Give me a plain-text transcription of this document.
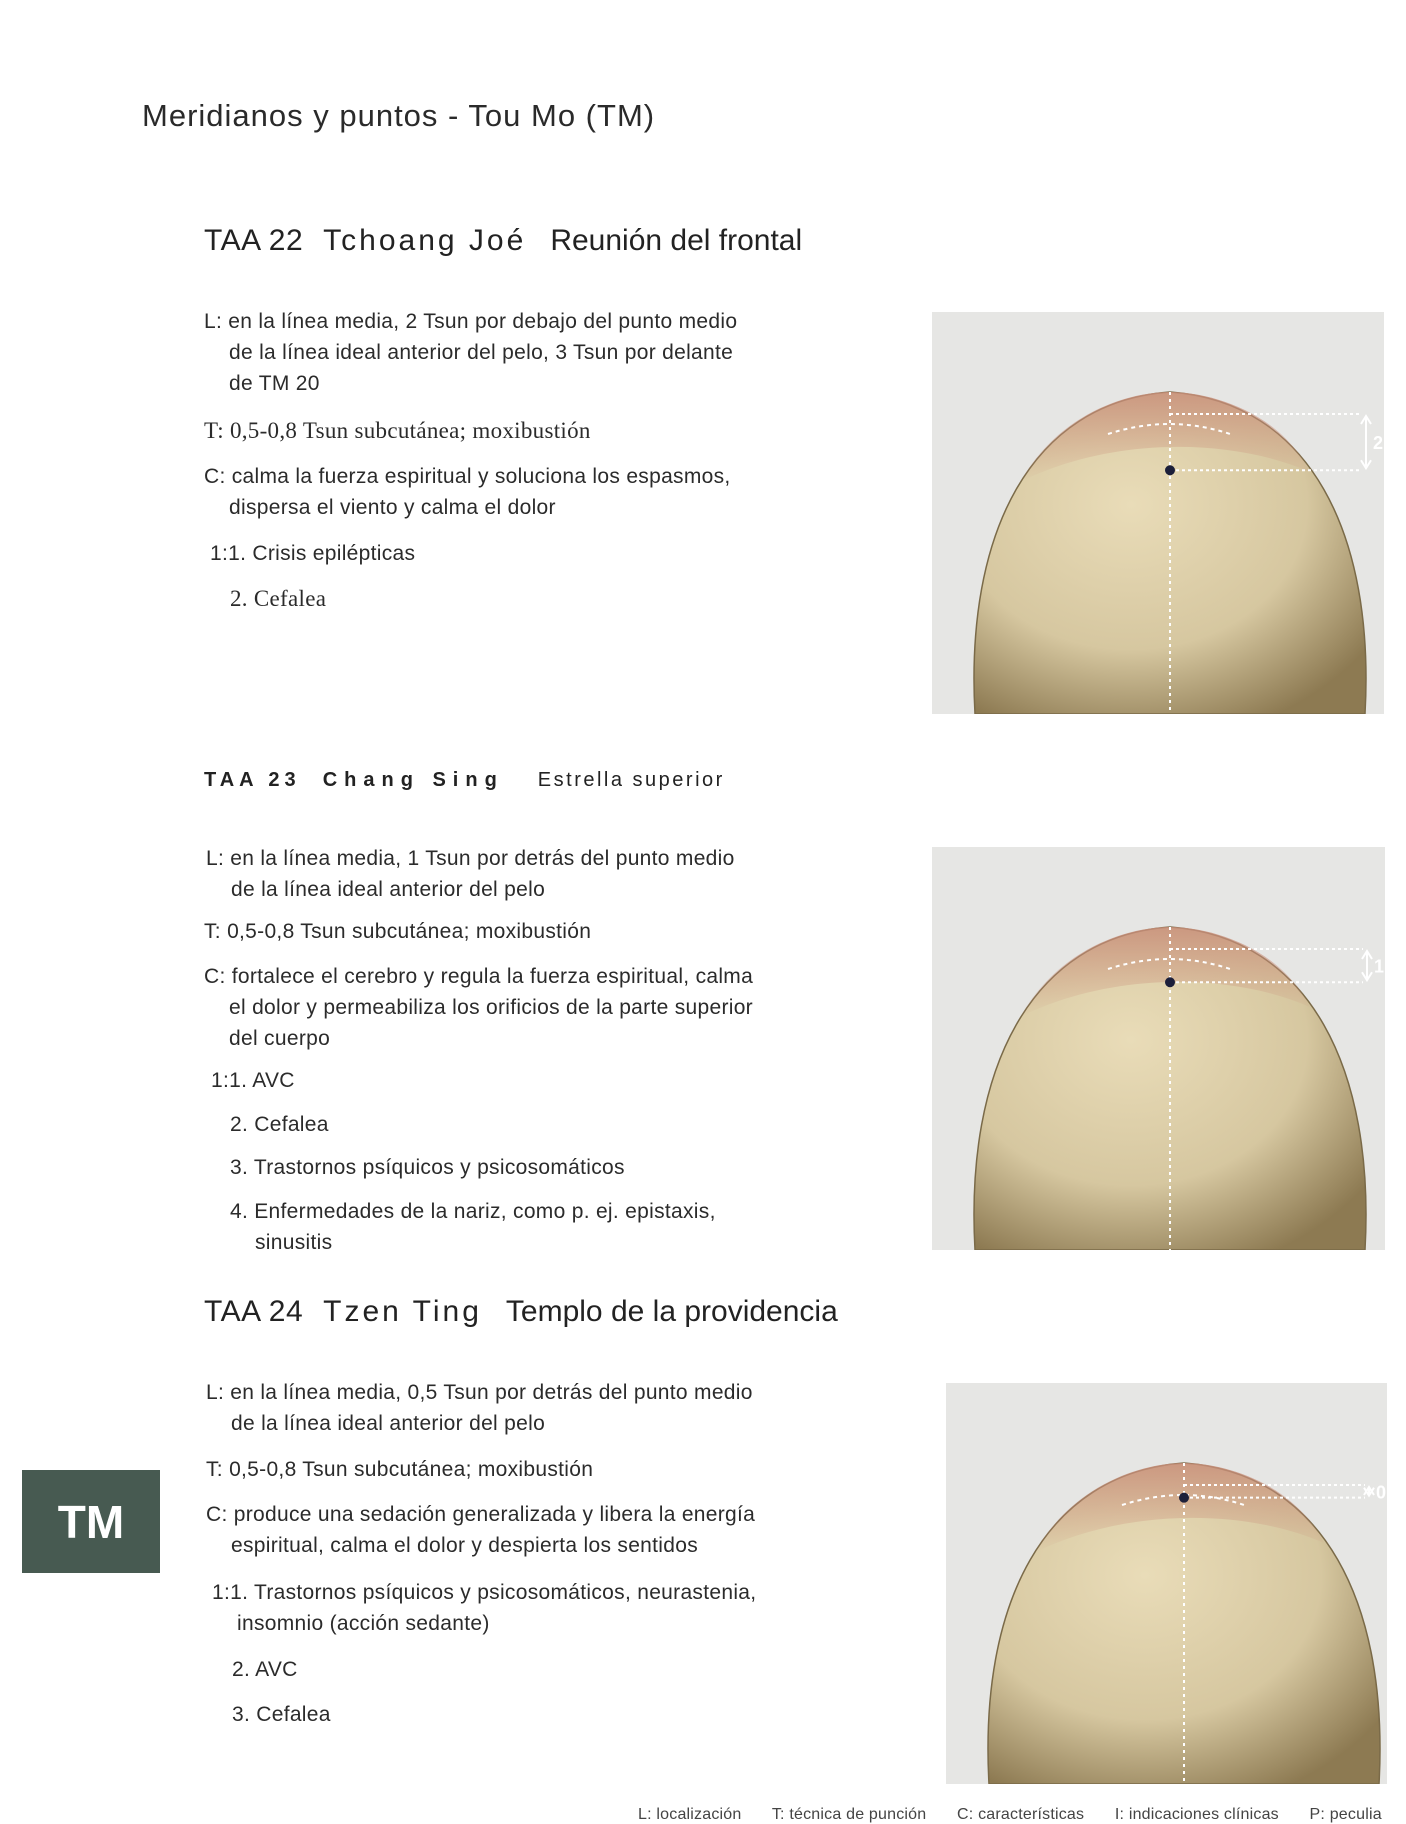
Meridianos y puntos - Tou Mo (TM)
TAA 22 Tchoang Joé Reunión del frontal
L: en la línea media, 2 Tsun por debajo del punto medio
de la línea ideal anterior del pelo, 3 Tsun por delante
de TM 20
T: 0,5-0,8 Tsun subcutánea; moxibustión
C: calma la fuerza espiritual y soluciona los espasmos,
dispersa el viento y calma el dolor
1:1. Crisis epilépticas
2. Cefalea
TAA 23 Chang Sing Estrella superior
L: en la línea media, 1 Tsun por detrás del punto medio
de la línea ideal anterior del pelo
T: 0,5-0,8 Tsun subcutánea; moxibustión
C: fortalece el cerebro y regula la fuerza espiritual, calma
el dolor y permeabiliza los orificios de la parte superior
del cuerpo
1:1. AVC
2. Cefalea
3. Trastornos psíquicos y psicosomáticos
4. Enfermedades de la nariz, como p. ej. epistaxis,
sinusitis
TAA 24 Tzen Ting Templo de la providencia
L: en la línea media, 0,5 Tsun por detrás del punto medio
de la línea ideal anterior del pelo
T: 0,5-0,8 Tsun subcutánea; moxibustión
C: produce una sedación generalizada y libera la energía
espiritual, calma el dolor y despierta los sentidos
1:1. Trastornos psíquicos y psicosomáticos, neurastenia,
insomnio (acción sedante)
2. AVC
3. Cefalea
2
1
0
TM
L: localización T: técnica de punción C: características I: indicaciones clínicas P: peculia
